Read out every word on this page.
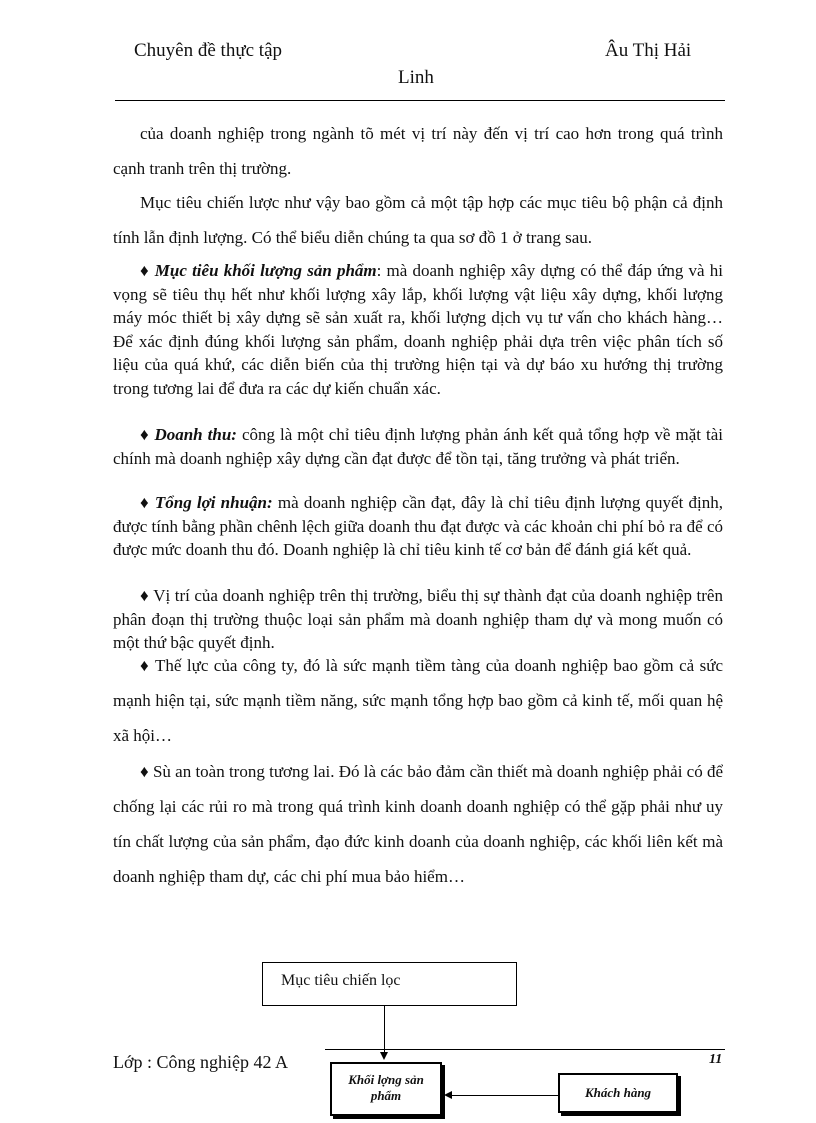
Chuyên đề thực tập	Âu Thị Hải
Linh
của doanh nghiệp trong ngành tõ mét vị trí này đến vị trí cao hơn trong quá trình cạnh tranh trên thị trường.
Mục tiêu chiến lược như vậy bao gồm cả một tập hợp các mục tiêu bộ phận cả định tính lẫn định lượng. Có thể biểu diễn chúng ta qua sơ đồ 1 ở trang sau.
♦ Mục tiêu khối lượng sản phẩm: mà doanh nghiệp xây dựng có thể đáp ứng và hi vọng sẽ tiêu thụ hết như khối lượng xây lắp, khối lượng vật liệu xây dựng, khối lượng máy móc thiết bị xây dựng sẽ sản xuất ra, khối lượng dịch vụ tư vấn cho khách hàng…Để xác định đúng khối lượng sản phẩm, doanh nghiệp phải dựa trên việc phân tích số liệu của quá khứ, các diễn biến của thị trường hiện tại và dự báo xu hướng thị trường trong tương lai để đưa ra các dự kiến chuẩn xác.
♦ Doanh thu: công là một chỉ tiêu định lượng phản ánh kết quả tổng hợp về mặt tài chính mà doanh nghiệp xây dựng cần đạt được để tồn tại, tăng trưởng và phát triển.
♦ Tổng lợi nhuận: mà doanh nghiệp cần đạt, đây là chỉ tiêu định lượng quyết định, được tính bằng phần chênh lệch giữa doanh thu đạt được và các khoản chi phí bỏ ra để có được mức doanh thu đó. Doanh nghiệp là chỉ tiêu kinh tế cơ bản để đánh giá kết quả.
♦ Vị trí của doanh nghiệp trên thị trường, biểu thị sự thành đạt của doanh nghiệp trên phân đoạn thị trường thuộc loại sản phẩm mà doanh nghiệp tham dự và mong muốn có một thứ bậc quyết định.
♦ Thế lực của công ty, đó là sức mạnh tiềm tàng của doanh nghiệp bao gồm cả sức mạnh hiện tại, sức mạnh tiềm năng, sức mạnh tổng hợp bao gồm cả kinh tế, mối quan hệ xã hội…
♦ Sù an toàn trong tương lai. Đó là các bảo đảm cần thiết mà doanh nghiệp phải có để chống lại các rủi ro mà trong quá trình kinh doanh doanh nghiệp có thể gặp phải như uy tín chất lượng của sản phẩm, đạo đức kinh doanh của doanh nghiệp, các khối liên kết mà doanh nghiệp tham dự, các chi phí mua bảo hiểm…
Mục tiêu chiến lọc
Lớp : Công nghiệp 42 A	11
Khối lợng sản phẩm	Khách hàng
